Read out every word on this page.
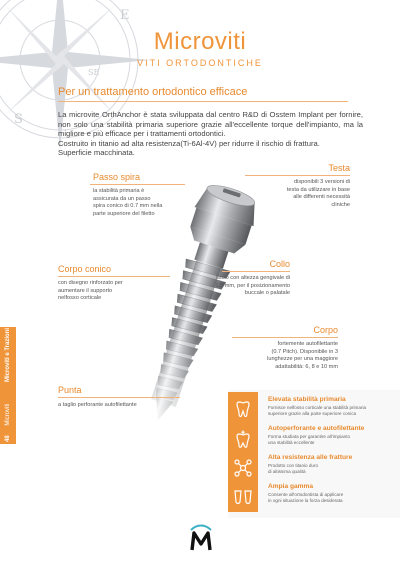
E
S
SE
Microviti
VITI ORTODONTICHE
Per un trattamento ortodontico efficace

La microvite OrthAnchor è stata sviluppata dal centro R&D di Osstem Implant per fornire, non solo una stabilità primaria superiore grazie all'eccellente torque dell'impianto, ma la migliore e più efficace per i trattamenti ortodontici.

Costruito in titanio ad alta resistenza(Ti-6Al-4V) per ridurre il rischio di frattura.

Superficie macchinata.

Passo spira
la stabilità primaria è
assicurata da un passo
spira conico di 0.7 mm nella
parte superiore del filetto
Testa
disponibili 3 versioni di
testa da utilizzare in base
alle differenti necessità
cliniche
Corpo conico
con disegno rinforzato per
aumentare il supporto
nelfosso corticale
Collo
liscio con altezza gengivale di
1.5 mm, per il posizionamento
buccale o palatale
Corpo
fortemente autofilettante
(0.7 Pitch). Disponibile in 3
lunghezze per una maggiore
adattabilità: 6, 8 e 10 mm
Punta
a taglio perforante autofilettante
48 Microviti Microviti e Trazioni
Elevata stabilità primaria
Fornisce nelfosso corticale una stabilità primaria
superiore grazie alla parte superiore conica
Autoperforante e autofilettante
Forma studiata per garantire all'impianto
una stabilità eccellente
Alta resistenza alle fratture
Prodotto con titanio duro
di altissima qualità
Ampia gamma
Consente all'ortodontista di applicare
in ogni situazione la forza desiderata
